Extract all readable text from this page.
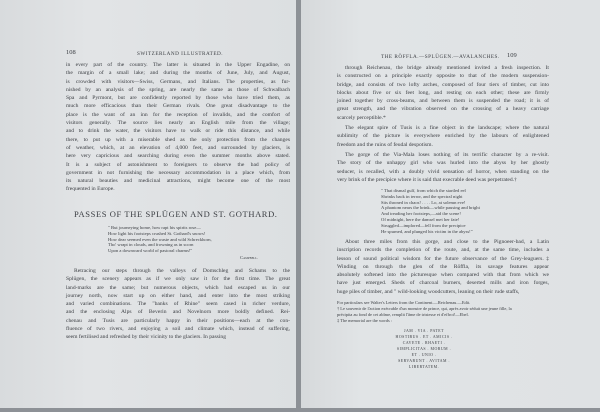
108	SWITZERLAND ILLUSTRATED.
in every part of the country. The latter is situated in the Upper Engadine, on
the margin of a small lake; and during the months of June, July, and August,
is crowded with visitors—Swiss, Germans, and Italians. The properties, as fur-
nished by an analysis of the spring, are nearly the same as those of Schwalbach
Spa and Pyrmont, but are confidently reported by those who have tried them, as
much more efficacious than their German rivals. One great disadvantage to the
place is the want of an inn for the reception of invalids, and the comfort of
visitors generally. The source lies nearly an English mile from the village;
and to drink the water, the visitors have to walk or ride this distance, and while
there, to put up with a miserable shed as the only protection from the changes
of weather, which, at an elevation of 4,000 feet, and surrounded by glaciers, is
here very capricious and searching during even the summer months above stated.
It is a subject of astonishment to foreigners to observe the bad policy of
government in not furnishing the necessary accommodation in a place which, from
its natural beauties and medicinal attractions, might become one of the most
frequented in Europe.
PASSES OF THE SPLÜGEN AND ST. GOTHARD.
" But journeying home, how rapt his spirits rose—
How light his footsteps crushed St. Gothard's snows!
How dear seemed even the waste and wild Schreckhorn,
Tho' wrapt in clouds, and frowning as in scorn
Upon a downward world of pastoral charms!"
Campbell.
Retracing our steps through the valleys of Domschleg and Schams to the
Splügen, the scenery appears as if we only saw it for the first time. The great
land-marks are the same; but numerous objects, which had escaped us in our
journey north, now start up on either hand, and enter into the most striking
and varied combinations. The "banks of Rhine" seem cased in richer verdure,
and the enclosing Alps of Beverin and Novelnorn more boldly defined. Rei-
chenau and Tusis are particularly happy in their positions—each at the con-
fluence of two rivers, and enjoying a soil and climate which, instead of suffering,
seem fertilised and refreshed by their vicinity to the glaciers. In passing
THE RÖFFLA.—SPLÜGEN.—AVALANCHES. 109
through Reichenau, the bridge already mentioned invited a fresh inspection. It
is constructed on a principle exactly opposite to that of the modern suspension-
bridge, and consists of two lofty arches, composed of four tiers of timber, cut into
blocks about five or six feet long, and resting on each other; these are firmly
joined together by cross-beams, and between them is suspended the road; it is of
great strength, and the vibration observed on the crossing of a heavy carriage
scarcely perceptible.*
The elegant spire of Tusis is a fine object in the landscape; where the natural
sublimity of the picture is everywhere enriched by the labours of enlightened
freedom and the ruins of feudal despotism.
The gorge of the Via-Mala loses nothing of its terrific character by a re-visit.
The story of the unhappy girl who was hurled into the abyss by her ghostly
seducer, is recalled, with a doubly vivid sensation of horror, when standing on the
very brink of the precipice where it is said that execrable deed was perpetrated.†
" That dismal gulf, from which the startled eel
Shrinks back in terror, and the spectral night
Sits throned in chaos! . . . . Lo, at solemn eve!
A phantom nears the brink—while pausing and bright
And treading her footsteps,—aid the scene!
Of midnight, here the damsel met her fate!
Struggled—implored—fell from the precipice
He spurned, and plunged his victim in the abyss!"
About three miles from this gorge, and close to the Pignoeer-bad, a Latin
inscription records the completion of the route, and, at the same time, includes a
lesson of sound political wisdom for the future observance of the Grey-leaguers.‡
Winding on through the glen of the Röffla, its savage features appear
absolutely softened into the picturesque when compared with that from which we
have just emerged. Sheds of charcoal burners, deserted mills and iron forges,
huge piles of timber, and " wild-looking woodcutters, leaning on their rude staffs,
For particulars see Walter's Letters from the Continent.—Reichenau.—Edit.
† Le souvenir de l'action exécrable d'un monstre de prince, qui, après avoir séduit une jeune fille, la
précipita au fond de cet abîme, remplit l'âme de tristesse et d'effroi!—Ebel.
‡ The memorial are the words :
JAM . VIA . PATET
HOSTIBUS . ET . AMICIS .
CAVETE . RHAETI .
SIMPLICITAS . MORUM .
ET . UNIO .
SERVABUNT . AVITAM .
LIBERTATEM.
